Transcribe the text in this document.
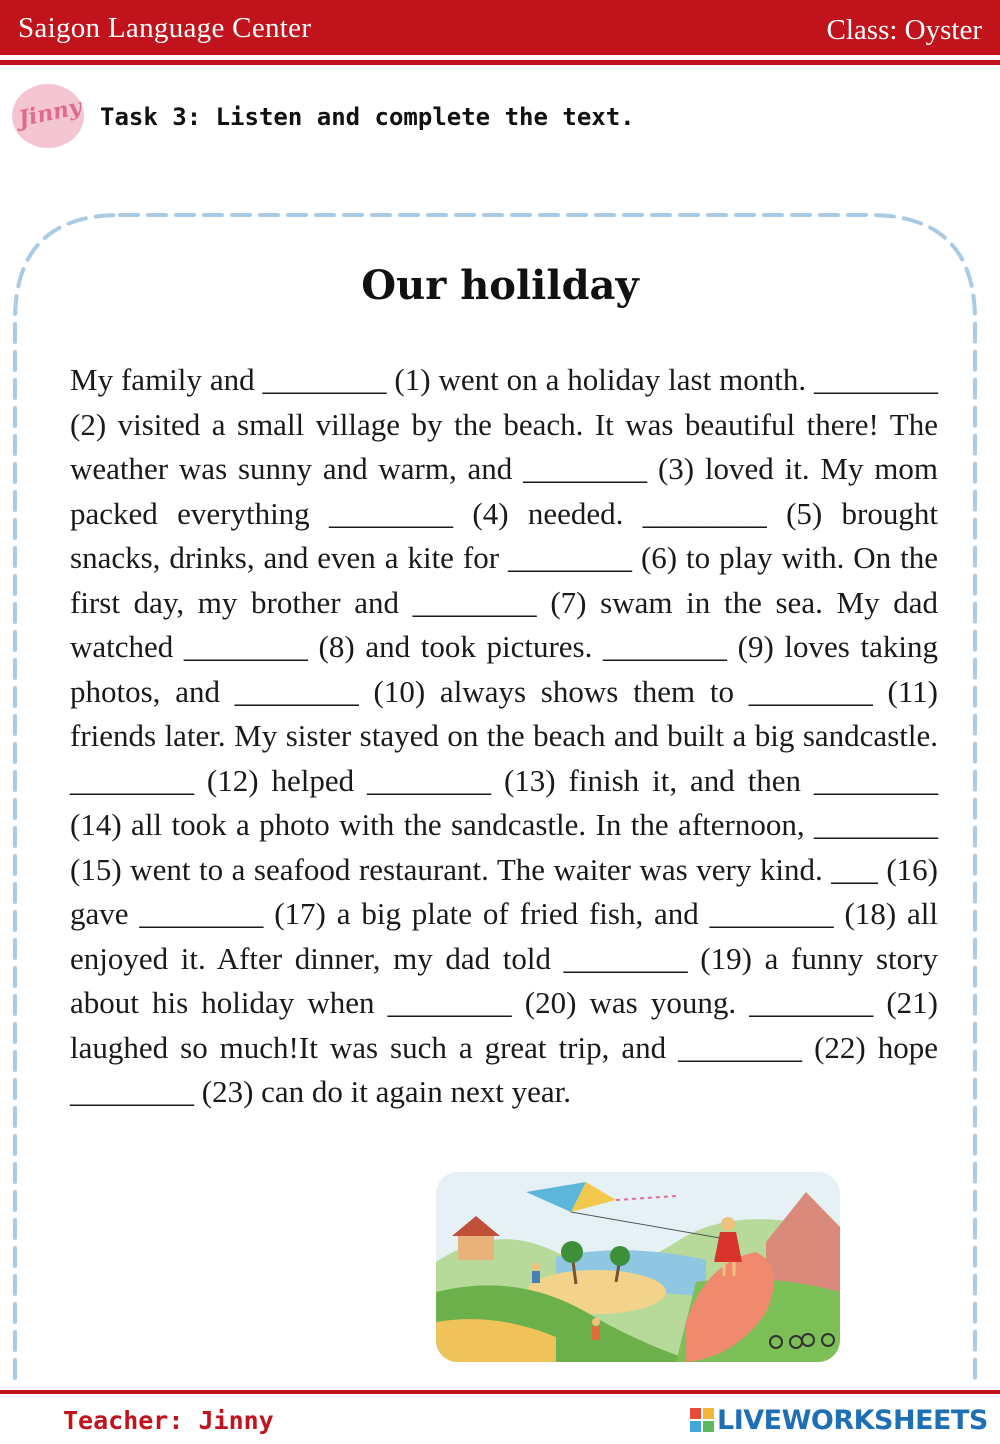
Saigon Language Center	Class: Oyster
Jinny Task 3: Listen and complete the text.
Our holilday

My family and ________ (1) went on a holiday last month. ________ (2) visited a small village by the beach. It was beautiful there! The weather was sunny and warm, and ________ (3) loved it. My mom packed everything ________ (4) needed. ________ (5) brought snacks, drinks, and even a kite for ________ (6) to play with. On the first day, my brother and ________ (7) swam in the sea. My dad watched ________ (8) and took pictures. ________ (9) loves taking photos, and ________ (10) always shows them to ________ (11) friends later. My sister stayed on the beach and built a big sandcastle. ________ (12) helped ________ (13) finish it, and then ________ (14) all took a photo with the sandcastle. In the afternoon, ________ (15) went to a seafood restaurant. The waiter was very kind. ___ (16) gave ________ (17) a big plate of fried fish, and ________ (18) all enjoyed it. After dinner, my dad told ________ (19) a funny story about his holiday when ________ (20) was young. ________ (21) laughed so much!It was such a great trip, and ________ (22) hope ________ (23) can do it again next year.

Teacher: Jinny	LIVEWORKSHEETS
